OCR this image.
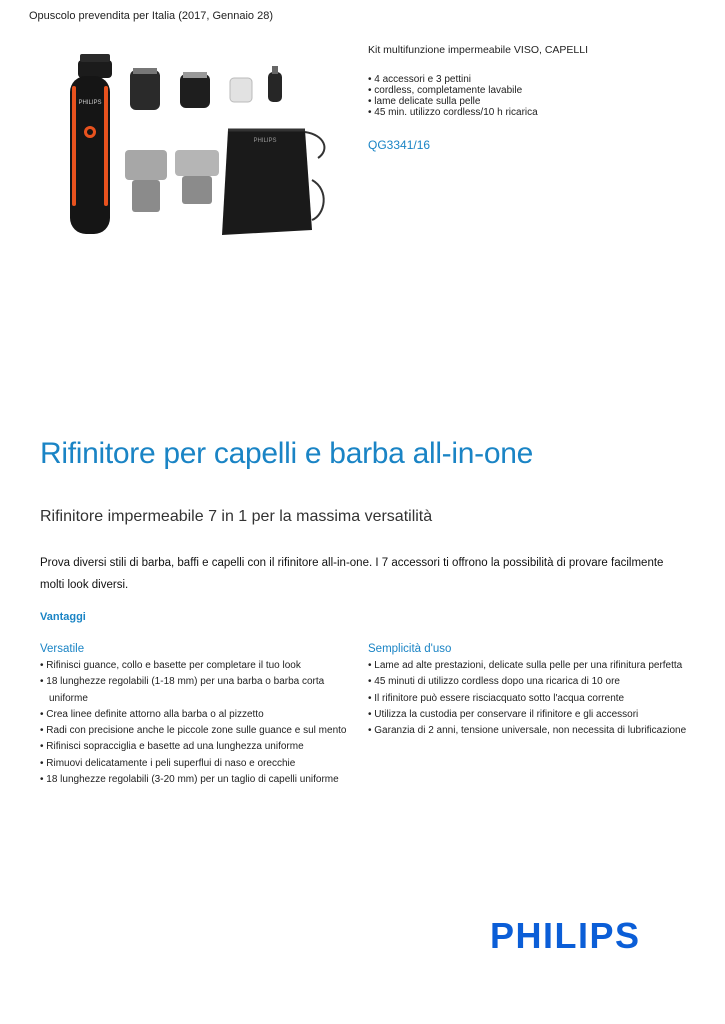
Opuscolo prevendita per Italia (2017, Gennaio 28)
PHILIPS
PHILIPS
Kit multifunzione impermeabile VISO, CAPELLI
• 4 accessori e 3 pettini
• cordless, completamente lavabile
• lame delicate sulla pelle
• 45 min. utilizzo cordless/10 h ricarica
QG3341/16
Rifinitore per capelli e barba all-in-one
Rifinitore impermeabile 7 in 1 per la massima versatilità
Prova diversi stili di barba, baffi e capelli con il rifinitore all-in-one. I 7 accessori ti offrono la possibilità di provare facilmente molti look diversi.
Vantaggi
Versatile
• Rifinisci guance, collo e basette per completare il tuo look
• 18 lunghezze regolabili (1-18 mm) per una barba o barba corta uniforme
• Crea linee definite attorno alla barba o al pizzetto
• Radi con precisione anche le piccole zone sulle guance e sul mento
• Rifinisci sopracciglia e basette ad una lunghezza uniforme
• Rimuovi delicatamente i peli superflui di naso e orecchie
• 18 lunghezze regolabili (3-20 mm) per un taglio di capelli uniforme
Semplicità d'uso
• Lame ad alte prestazioni, delicate sulla pelle per una rifinitura perfetta
• 45 minuti di utilizzo cordless dopo una ricarica di 10 ore
• Il rifinitore può essere risciacquato sotto l'acqua corrente
• Utilizza la custodia per conservare il rifinitore e gli accessori
• Garanzia di 2 anni, tensione universale, non necessita di lubrificazione
PHILIPS
